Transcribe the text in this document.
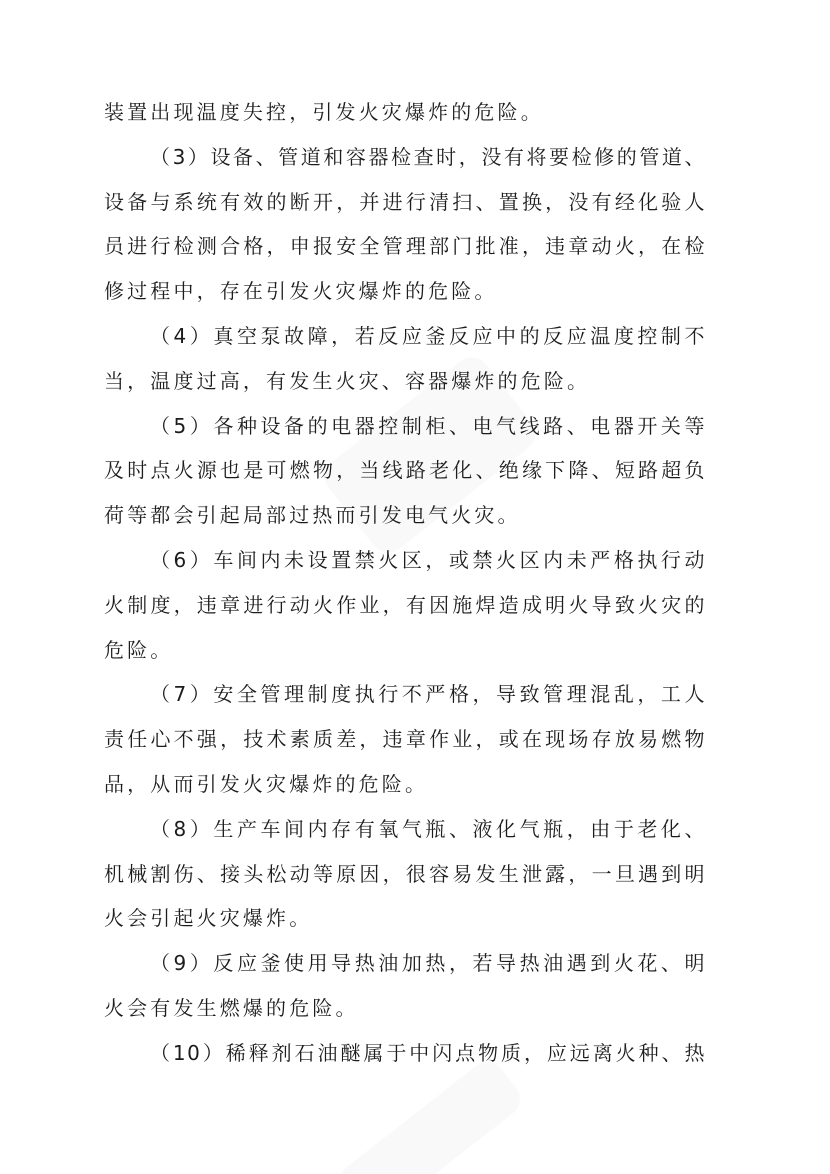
装置出现温度失控，引发火灾爆炸的危险。
（3）设备、管道和容器检查时，没有将要检修的管道、
设备与系统有效的断开，并进行清扫、置换，没有经化验人
员进行检测合格，申报安全管理部门批准，违章动火，在检
修过程中，存在引发火灾爆炸的危险。
（4）真空泵故障，若反应釜反应中的反应温度控制不
当，温度过高，有发生火灾、容器爆炸的危险。
（5）各种设备的电器控制柜、电气线路、电器开关等
及时点火源也是可燃物，当线路老化、绝缘下降、短路超负
荷等都会引起局部过热而引发电气火灾。
（6）车间内未设置禁火区，或禁火区内未严格执行动
火制度，违章进行动火作业，有因施焊造成明火导致火灾的
危险。
（7）安全管理制度执行不严格，导致管理混乱，工人
责任心不强，技术素质差，违章作业，或在现场存放易燃物
品，从而引发火灾爆炸的危险。
（8）生产车间内存有氧气瓶、液化气瓶，由于老化、
机械割伤、接头松动等原因，很容易发生泄露，一旦遇到明
火会引起火灾爆炸。
（9）反应釜使用导热油加热，若导热油遇到火花、明
火会有发生燃爆的危险。
（10）稀释剂石油醚属于中闪点物质，应远离火种、热
